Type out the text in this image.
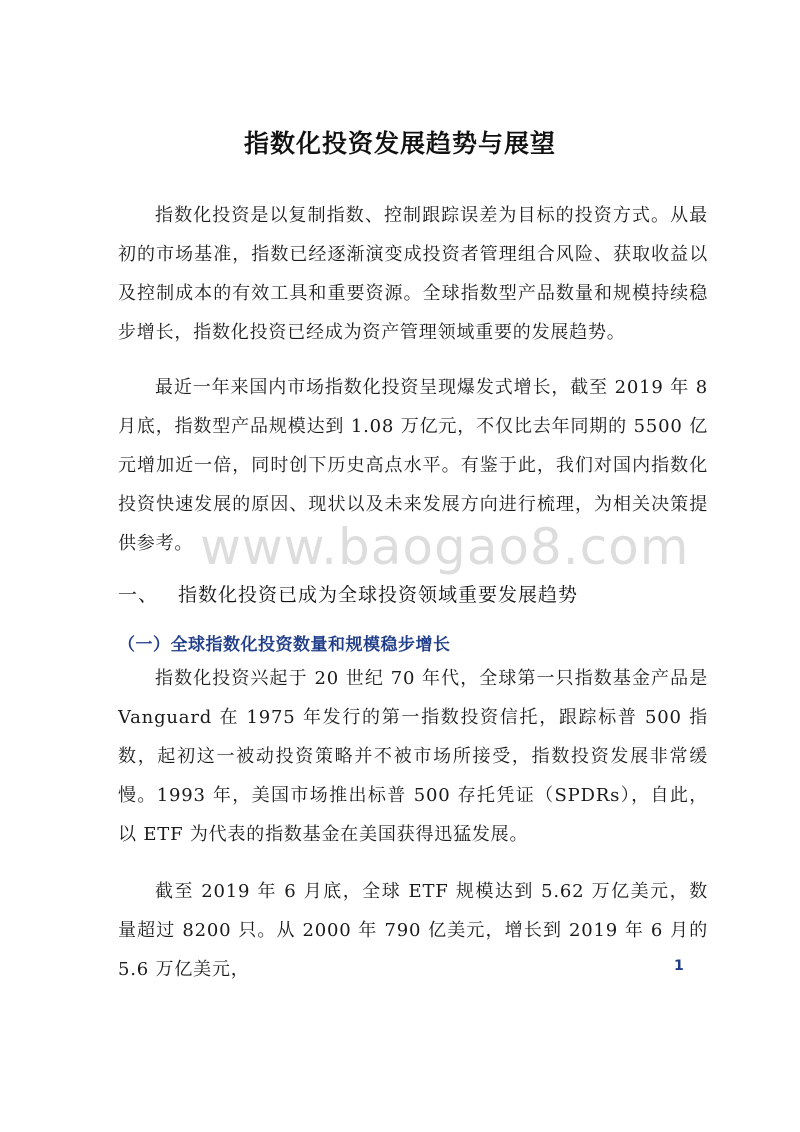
指数化投资发展趋势与展望

指数化投资是以复制指数、控制跟踪误差为目标的投资方式。从最初的市场基准，指数已经逐渐演变成投资者管理组合风险、获取收益以及控制成本的有效工具和重要资源。全球指数型产品数量和规模持续稳步增长，指数化投资已经成为资产管理领域重要的发展趋势。

最近一年来国内市场指数化投资呈现爆发式增长，截至 2019 年 8 月底，指数型产品规模达到 1.08 万亿元，不仅比去年同期的 5500 亿元增加近一倍，同时创下历史高点水平。有鉴于此，我们对国内指数化投资快速发展的原因、现状以及未来发展方向进行梳理，为相关决策提供参考。 www.baogao8.com
一、 指数化投资已成为全球投资领域重要发展趋势
（一）全球指数化投资数量和规模稳步增长

指数化投资兴起于 20 世纪 70 年代，全球第一只指数基金产品是 Vanguard 在 1975 年发行的第一指数投资信托，跟踪标普 500 指数，起初这一被动投资策略并不被市场所接受，指数投资发展非常缓慢。1993 年，美国市场推出标普 500 存托凭证（SPDRs），自此，以 ETF 为代表的指数基金在美国获得迅猛发展。

截至 2019 年 6 月底，全球 ETF 规模达到 5.62 万亿美元，数量超过 8200 只。从 2000 年 790 亿美元，增长到 2019 年 6 月的 5.6 万亿美元，	1
